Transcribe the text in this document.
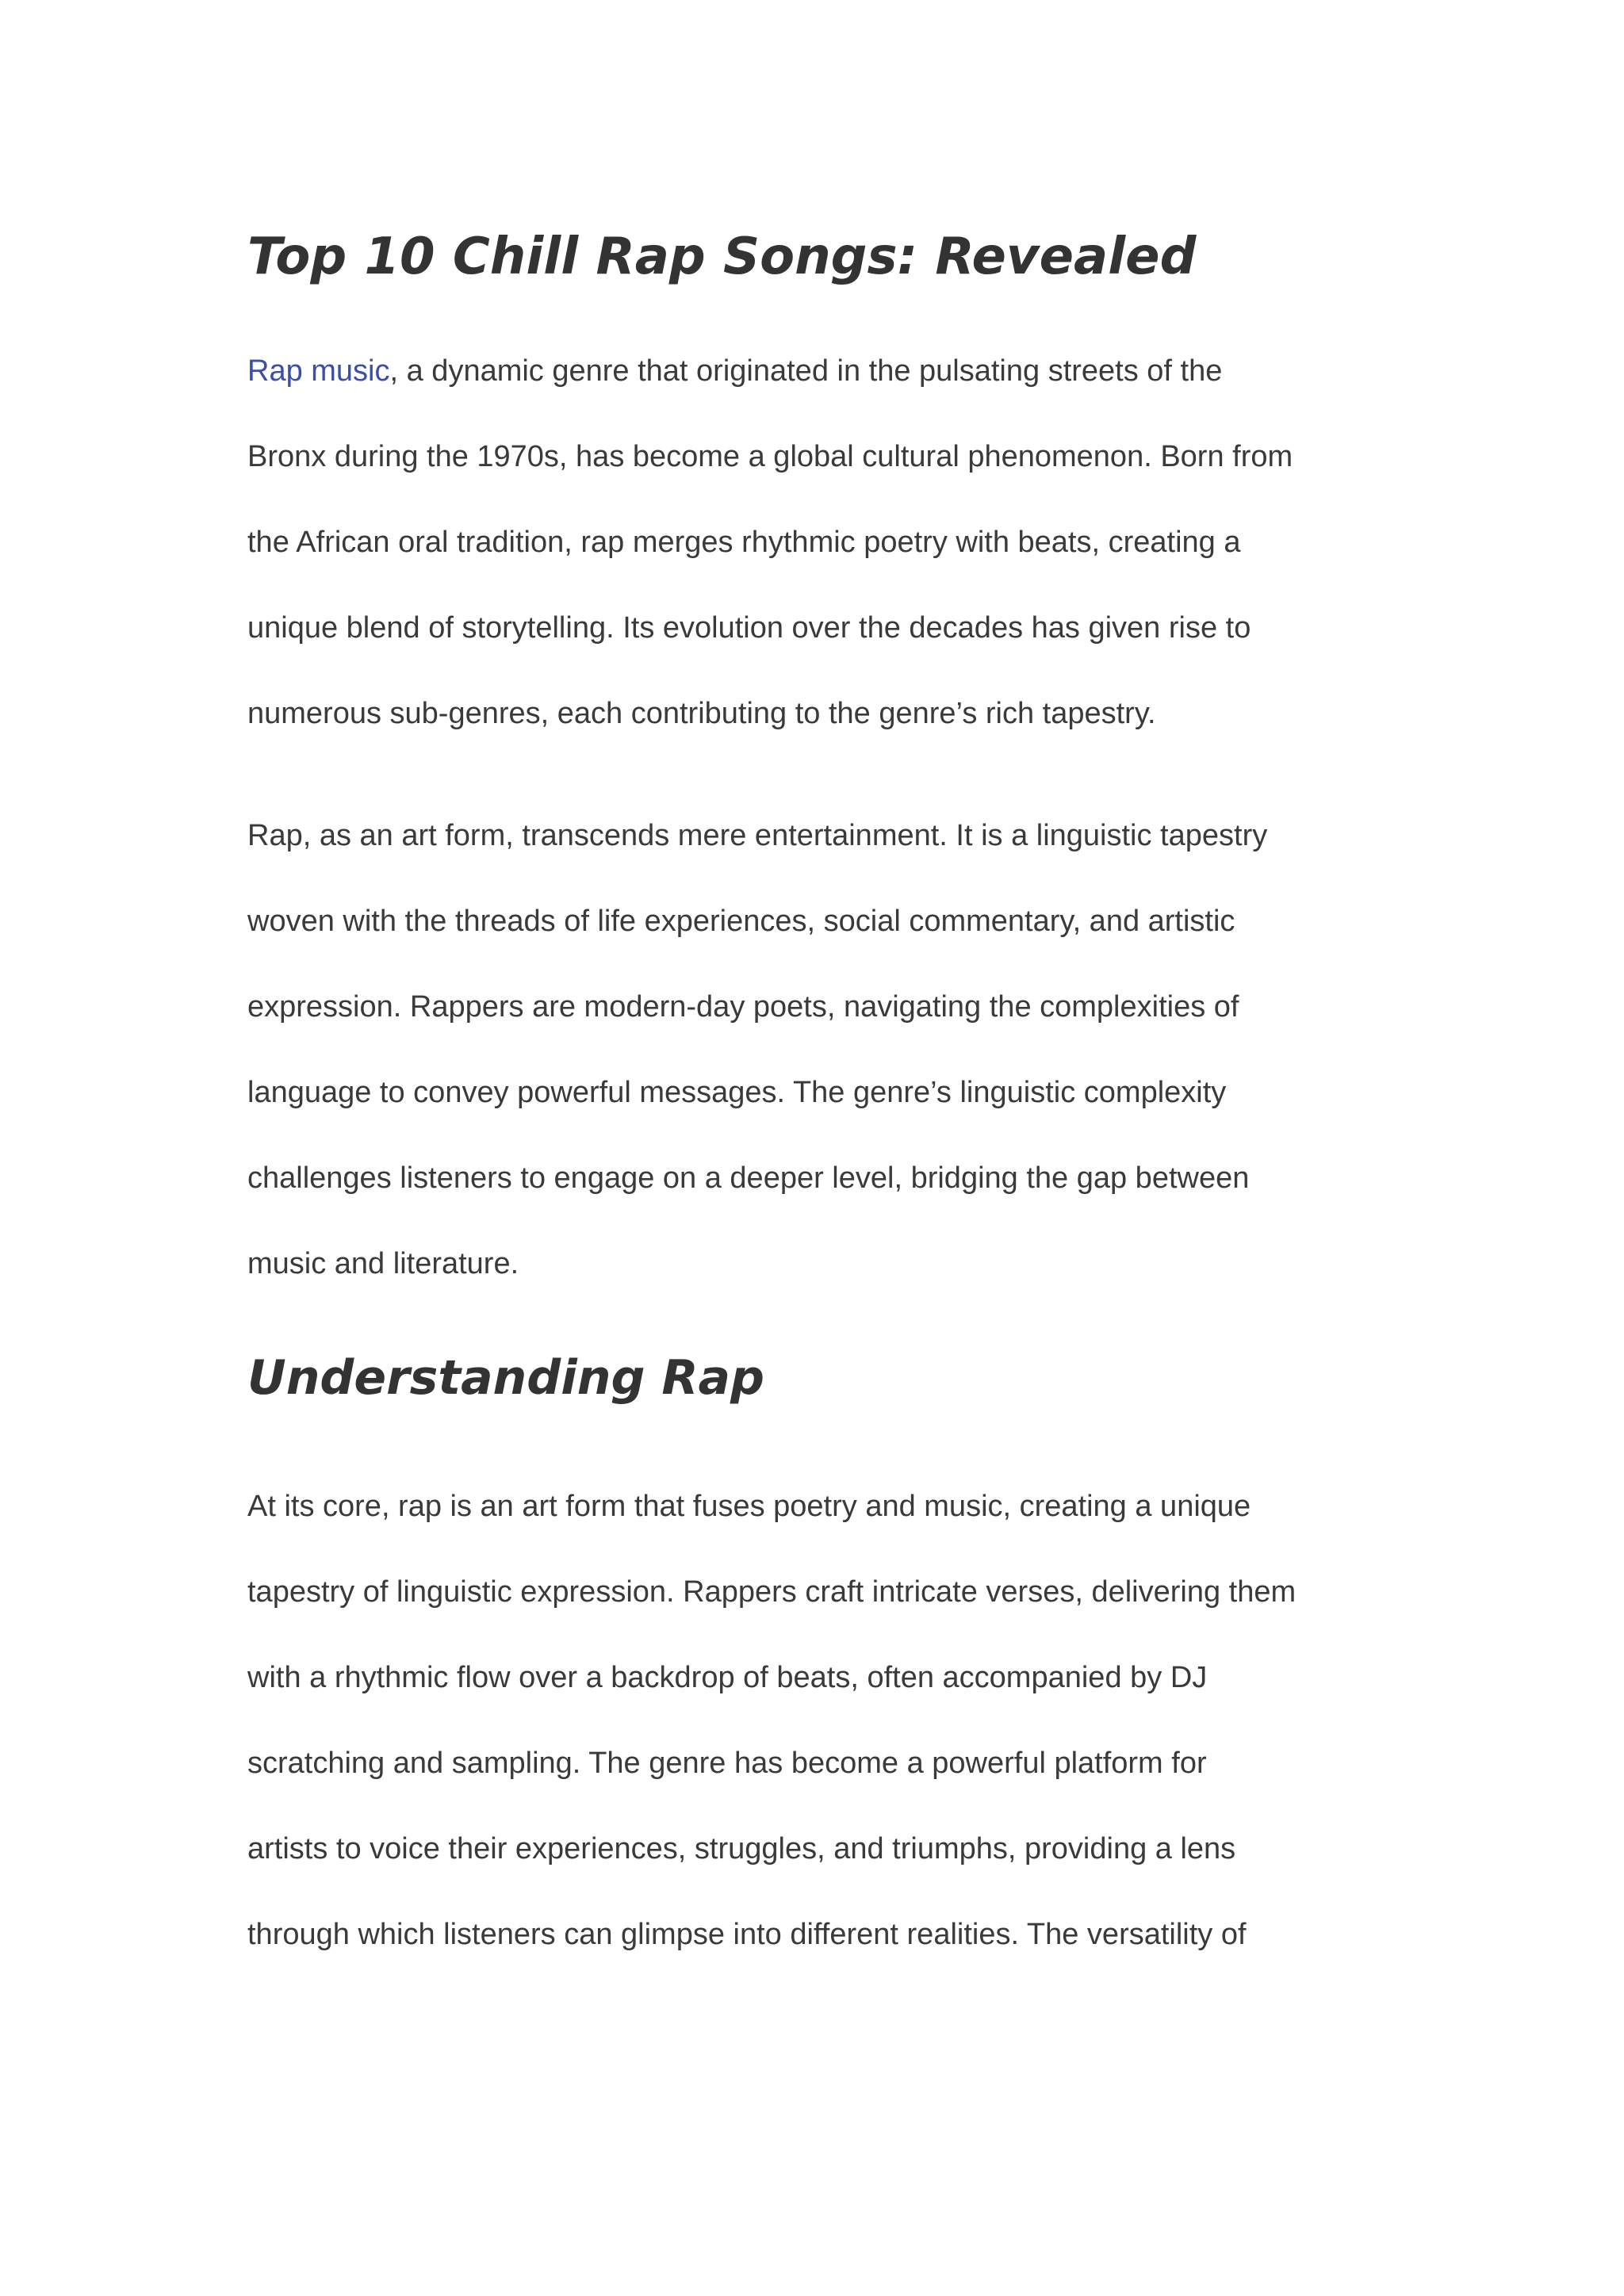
Top 10 Chill Rap Songs: Revealed

Rap music, a dynamic genre that originated in the pulsating streets of the
Bronx during the 1970s, has become a global cultural phenomenon. Born from
the African oral tradition, rap merges rhythmic poetry with beats, creating a
unique blend of storytelling. Its evolution over the decades has given rise to
numerous sub-genres, each contributing to the genre’s rich tapestry.

Rap, as an art form, transcends mere entertainment. It is a linguistic tapestry
woven with the threads of life experiences, social commentary, and artistic
expression. Rappers are modern-day poets, navigating the complexities of
language to convey powerful messages. The genre’s linguistic complexity
challenges listeners to engage on a deeper level, bridging the gap between
music and literature.

Understanding Rap

At its core, rap is an art form that fuses poetry and music, creating a unique
tapestry of linguistic expression. Rappers craft intricate verses, delivering them
with a rhythmic flow over a backdrop of beats, often accompanied by DJ
scratching and sampling. The genre has become a powerful platform for
artists to voice their experiences, struggles, and triumphs, providing a lens
through which listeners can glimpse into different realities. The versatility of
